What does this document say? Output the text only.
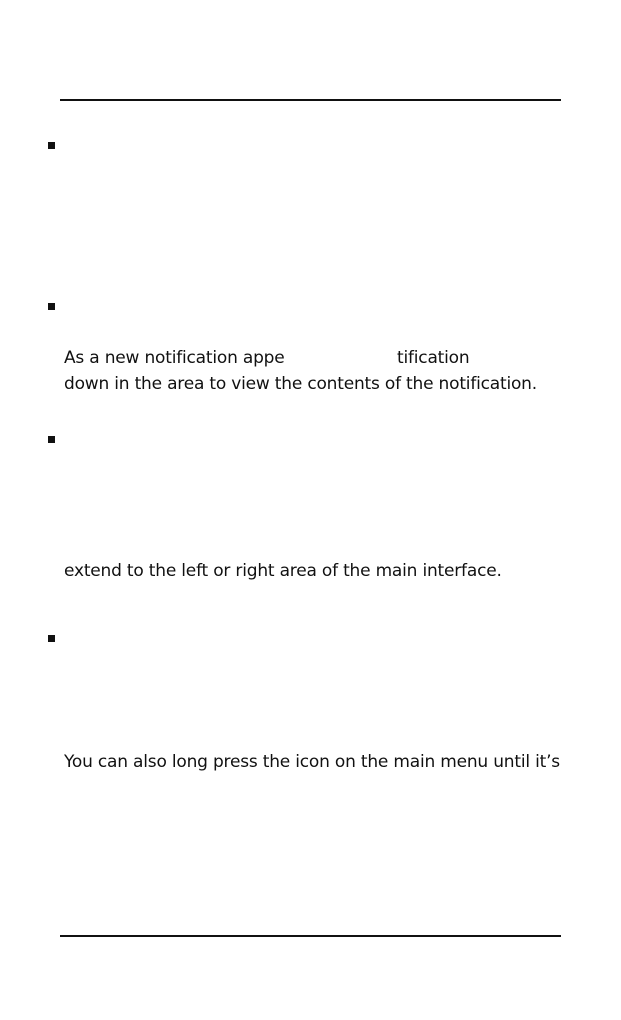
As a new notification appe	tification
down in the area to view the contents of the notification.
extend to the left or right area of the main interface.
You can also long press the icon on the main menu until it’s
